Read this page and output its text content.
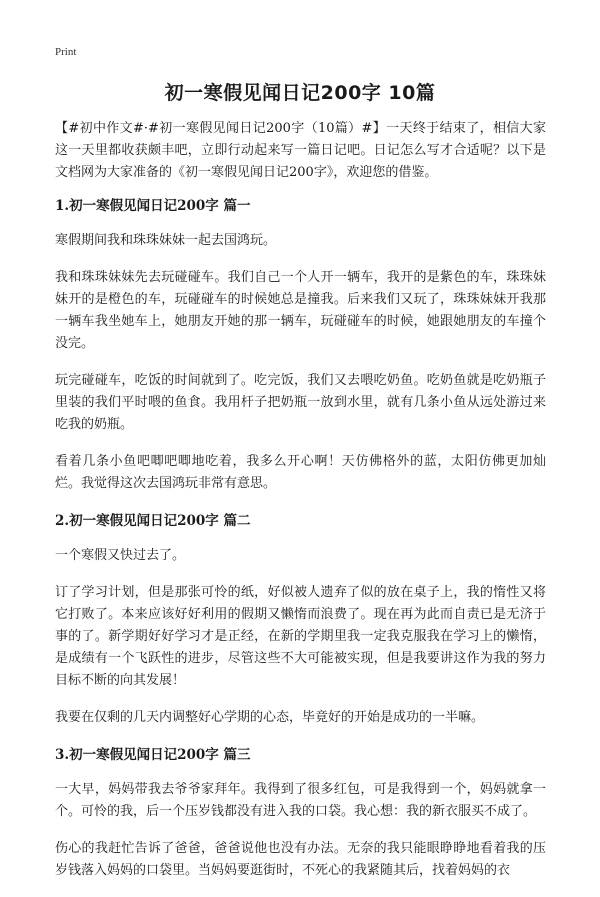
Print
初一寒假见闻日记200字 10篇

【#初中作文#·#初一寒假见闻日记200字（10篇）#】一天终于结束了，相信大家这一天里都收获颇丰吧，立即行动起来写一篇日记吧。日记怎么写才合适呢？以下是文档网为大家准备的《初一寒假见闻日记200字》，欢迎您的借鉴。

1.初一寒假见闻日记200字 篇一

寒假期间我和珠珠妹妹一起去国鸿玩。

我和珠珠妹妹先去玩碰碰车。我们自己一个人开一辆车，我开的是紫色的车，珠珠妹妹开的是橙色的车，玩碰碰车的时候她总是撞我。后来我们又玩了，珠珠妹妹开我那一辆车我坐她车上，她朋友开她的那一辆车，玩碰碰车的时候，她跟她朋友的车撞个没完。

玩完碰碰车，吃饭的时间就到了。吃完饭，我们又去喂吃奶鱼。吃奶鱼就是吃奶瓶子里装的我们平时喂的鱼食。我用杆子把奶瓶一放到水里，就有几条小鱼从远处游过来吃我的奶瓶。

看着几条小鱼吧唧吧唧地吃着，我多么开心啊！天仿佛格外的蓝，太阳仿佛更加灿烂。我觉得这次去国鸿玩非常有意思。

2.初一寒假见闻日记200字 篇二

一个寒假又快过去了。

订了学习计划，但是那张可怜的纸，好似被人遗弃了似的放在桌子上，我的惰性又将它打败了。本来应该好好利用的假期又懒惰而浪费了。现在再为此而自责已是无济于事的了。新学期好好学习才是正经，在新的学期里我一定我克服我在学习上的懒惰，是成绩有一个飞跃性的进步，尽管这些不大可能被实现，但是我要讲这作为我的努力目标不断的向其发展！

我要在仅剩的几天内调整好心学期的心态，毕竟好的开始是成功的一半嘛。

3.初一寒假见闻日记200字 篇三

一大早，妈妈带我去爷爷家拜年。我得到了很多红包，可是我得到一个，妈妈就拿一个。可怜的我，后一个压岁钱都没有进入我的口袋。我心想：我的新衣服买不成了。

伤心的我赶忙告诉了爸爸，爸爸说他也没有办法。无奈的我只能眼睁睁地看着我的压岁钱落入妈妈的口袋里。当妈妈要逛街时，不死心的我紧随其后，找着妈妈的衣
